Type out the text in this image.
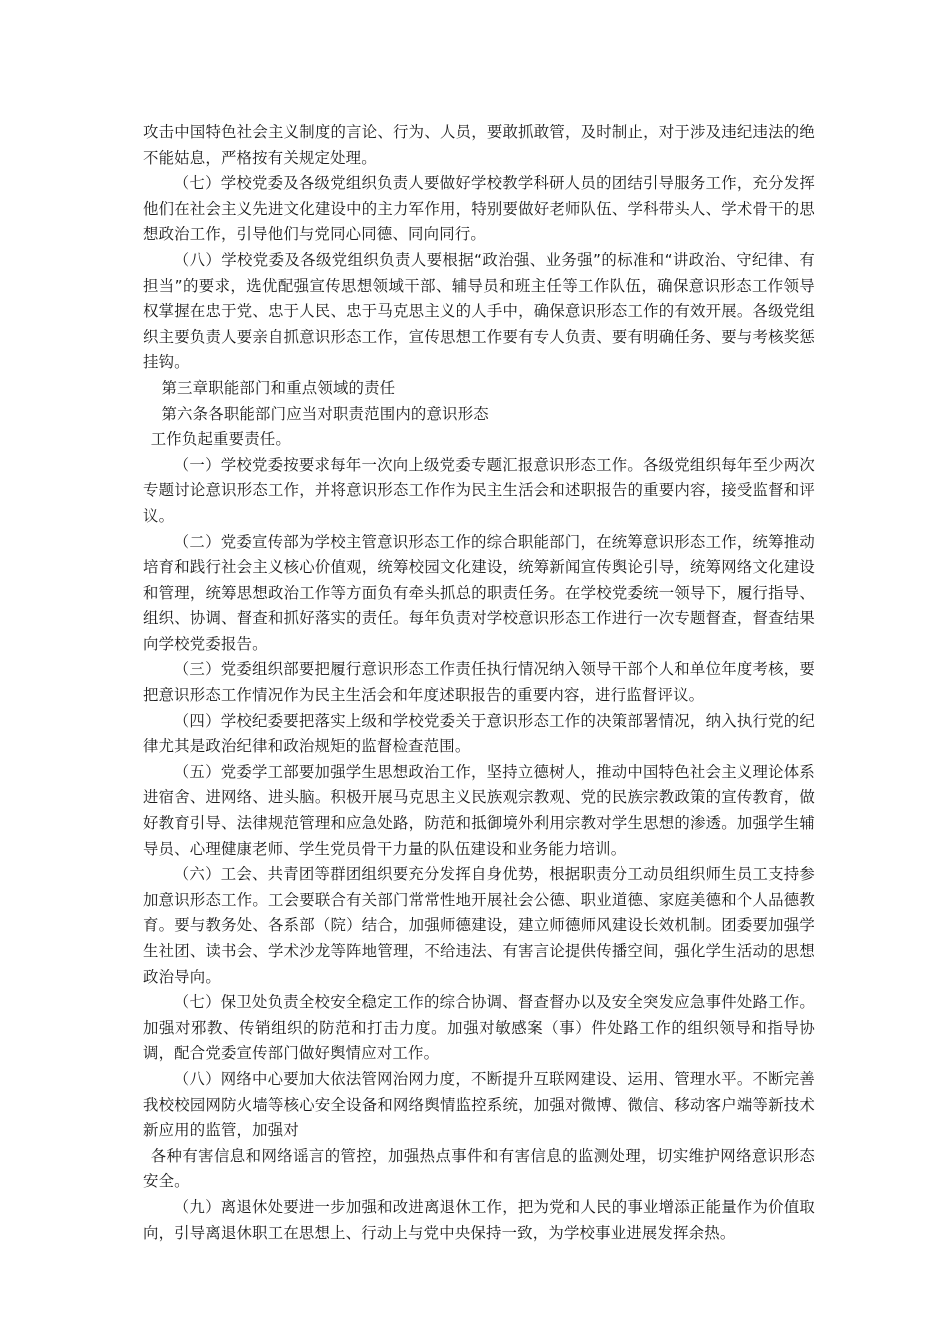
攻击中国特色社会主义制度的言论、行为、人员，要敢抓敢管，及时制止，对于涉及违纪违法的绝不能姑息，严格按有关规定处理。

（七）学校党委及各级党组织负责人要做好学校教学科研人员的团结引导服务工作，充分发挥他们在社会主义先进文化建设中的主力军作用，特别要做好老师队伍、学科带头人、学术骨干的思想政治工作，引导他们与党同心同德、同向同行。

（八）学校党委及各级党组织负责人要根据“政治强、业务强”的标准和“讲政治、守纪律、有担当”的要求，选优配强宣传思想领域干部、辅导员和班主任等工作队伍，确保意识形态工作领导权掌握在忠于党、忠于人民、忠于马克思主义的人手中，确保意识形态工作的有效开展。各级党组织主要负责人要亲自抓意识形态工作，宣传思想工作要有专人负责、要有明确任务、要与考核奖惩挂钩。

第三章职能部门和重点领域的责任

第六条各职能部门应当对职责范围内的意识形态

工作负起重要责任。

（一）学校党委按要求每年一次向上级党委专题汇报意识形态工作。各级党组织每年至少两次专题讨论意识形态工作，并将意识形态工作作为民主生活会和述职报告的重要内容，接受监督和评议。

（二）党委宣传部为学校主管意识形态工作的综合职能部门，在统筹意识形态工作，统筹推动培育和践行社会主义核心价值观，统筹校园文化建设，统筹新闻宣传舆论引导，统筹网络文化建设和管理，统筹思想政治工作等方面负有牵头抓总的职责任务。在学校党委统一领导下，履行指导、组织、协调、督查和抓好落实的责任。每年负责对学校意识形态工作进行一次专题督查，督查结果向学校党委报告。

（三）党委组织部要把履行意识形态工作责任执行情况纳入领导干部个人和单位年度考核，要把意识形态工作情况作为民主生活会和年度述职报告的重要内容，进行监督评议。

（四）学校纪委要把落实上级和学校党委关于意识形态工作的决策部署情况，纳入执行党的纪律尤其是政治纪律和政治规矩的监督检查范围。

（五）党委学工部要加强学生思想政治工作，坚持立德树人，推动中国特色社会主义理论体系进宿舍、进网络、进头脑。积极开展马克思主义民族观宗教观、党的民族宗教政策的宣传教育，做好教育引导、法律规范管理和应急处路，防范和抵御境外利用宗教对学生思想的渗透。加强学生辅导员、心理健康老师、学生党员骨干力量的队伍建设和业务能力培训。

（六）工会、共青团等群团组织要充分发挥自身优势，根据职责分工动员组织师生员工支持参加意识形态工作。工会要联合有关部门常常性地开展社会公德、职业道德、家庭美德和个人品德教育。要与教务处、各系部（院）结合，加强师德建设，建立师德师风建设长效机制。团委要加强学生社团、读书会、学术沙龙等阵地管理，不给违法、有害言论提供传播空间，强化学生活动的思想政治导向。

（七）保卫处负责全校安全稳定工作的综合协调、督查督办以及安全突发应急事件处路工作。加强对邪教、传销组织的防范和打击力度。加强对敏感案（事）件处路工作的组织领导和指导协调，配合党委宣传部门做好舆情应对工作。

（八）网络中心要加大依法管网治网力度，不断提升互联网建设、运用、管理水平。不断完善我校校园网防火墙等核心安全设备和网络舆情监控系统，加强对微博、微信、移动客户端等新技术新应用的监管，加强对

各种有害信息和网络谣言的管控，加强热点事件和有害信息的监测处理，切实维护网络意识形态安全。

（九）离退休处要进一步加强和改进离退休工作，把为党和人民的事业增添正能量作为价值取向，引导离退休职工在思想上、行动上与党中央保持一致，为学校事业进展发挥余热。
